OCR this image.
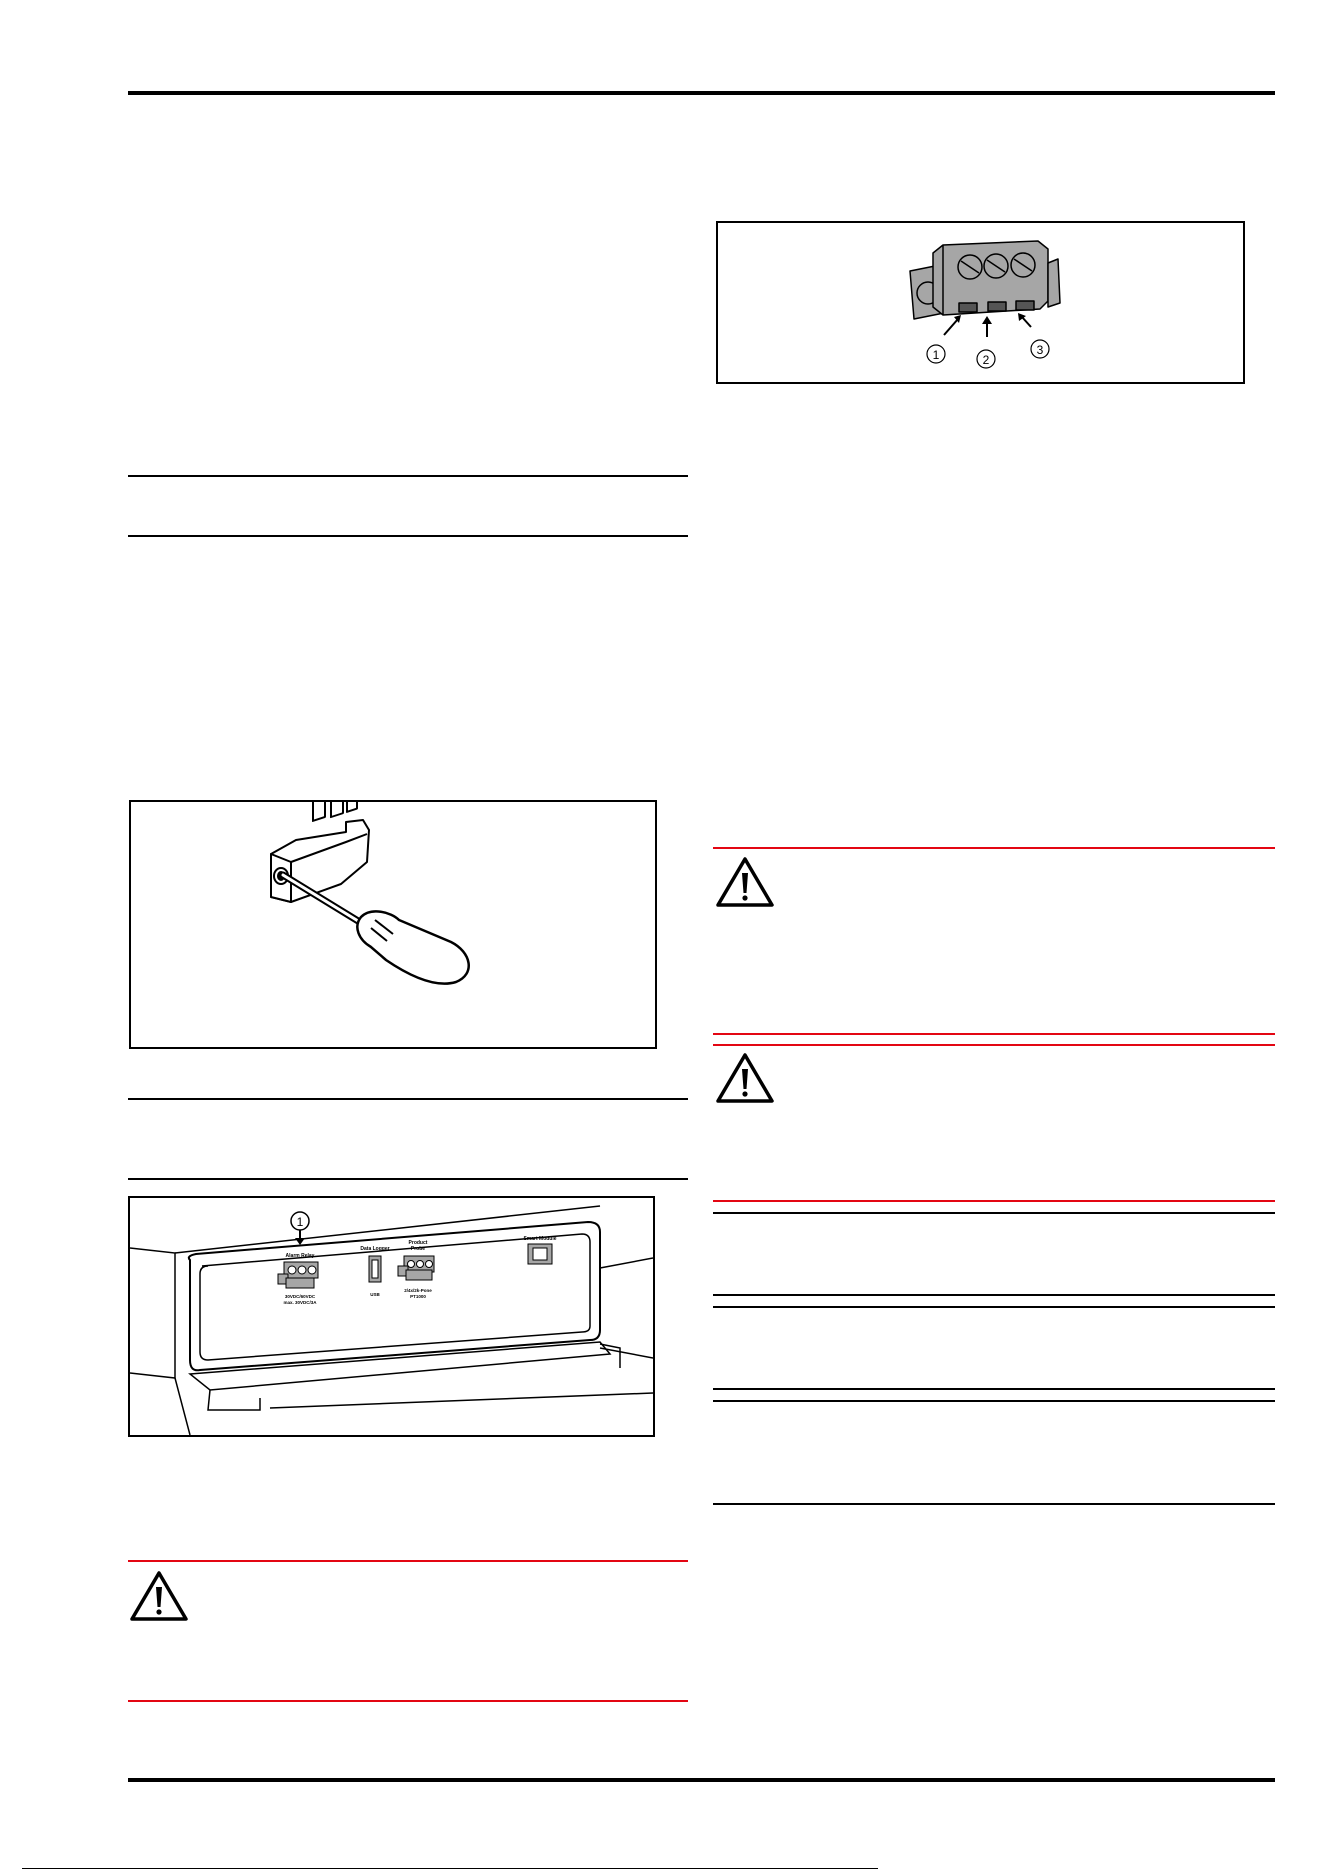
1
Alarm Relay
30VDC/60VDC
max. 30VDC/3A
Data Logger
USB
Product
Probe
2/4x/2k-Pone
PT1000
Smart Module
1	2
3
